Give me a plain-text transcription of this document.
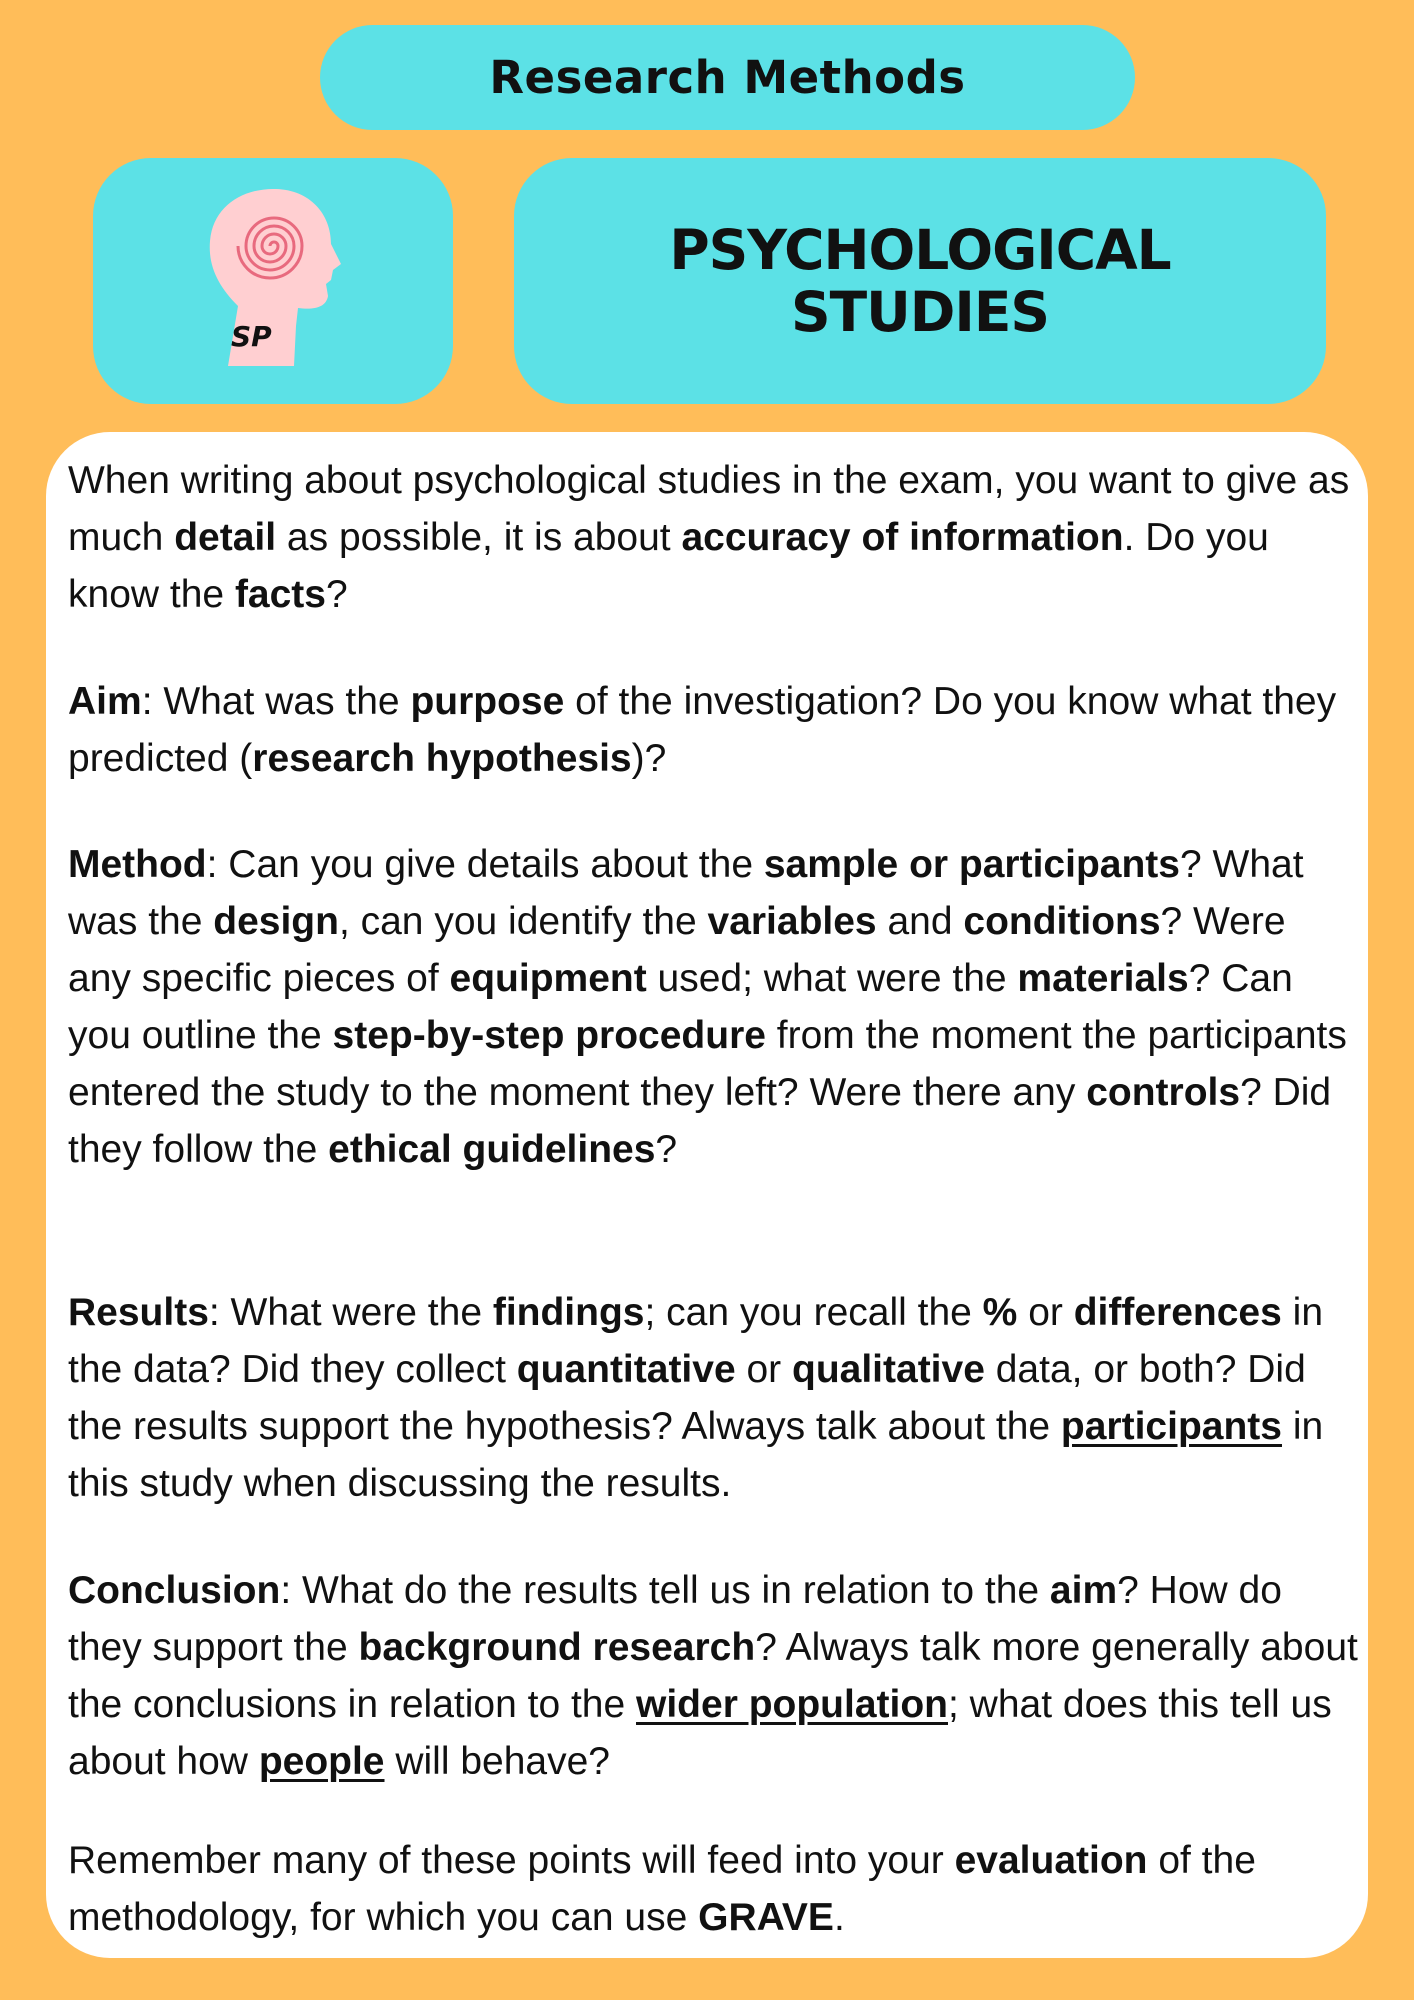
Research Methods
SP
PSYCHOLOGICAL
STUDIES

When writing about psychological studies in the exam, you want to give as much detail as possible, it is about accuracy of information. Do you know the facts?

Aim: What was the purpose of the investigation? Do you know what they predicted (research hypothesis)?

Method: Can you give details about the sample or participants? What was the design, can you identify the variables and conditions? Were any specific pieces of equipment used; what were the materials? Can you outline the step-by-step procedure from the moment the participants entered the study to the moment they left? Were there any controls? Did they follow the ethical guidelines?

Results: What were the findings; can you recall the % or differences in the data? Did they collect quantitative or qualitative data, or both? Did the results support the hypothesis? Always talk about the participants in this study when discussing the results.

Conclusion: What do the results tell us in relation to the aim? How do they support the background research? Always talk more generally about the conclusions in relation to the wider population; what does this tell us about how people will behave?

Remember many of these points will feed into your evaluation of the methodology, for which you can use GRAVE.
